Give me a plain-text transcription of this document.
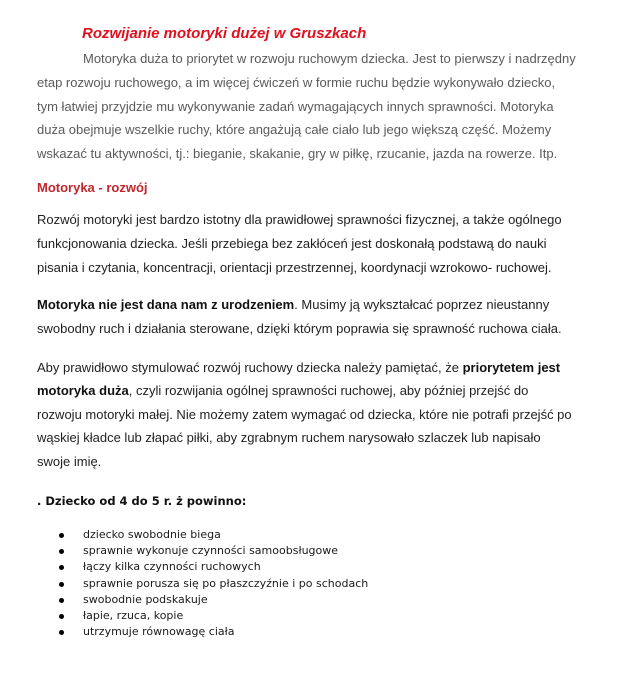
Rozwijanie motoryki dużej w Gruszkach

Motoryka duża to priorytet w rozwoju ruchowym dziecka. Jest to pierwszy i nadrzędny
etap rozwoju ruchowego, a im więcej ćwiczeń w formie ruchu będzie wykonywało dziecko,
tym łatwiej przyjdzie mu wykonywanie zadań wymagających innych sprawności. Motoryka
duża obejmuje wszelkie ruchy, które angażują całe ciało lub jego większą część. Możemy
wskazać tu aktywności, tj.: bieganie, skakanie, gry w piłkę, rzucanie, jazda na rowerze. Itp.

Motoryka - rozwój

Rozwój motoryki jest bardzo istotny dla prawidłowej sprawności fizycznej, a także ogólnego
funkcjonowania dziecka. Jeśli przebiega bez zakłóceń jest doskonałą podstawą do nauki
pisania i czytania, koncentracji, orientacji przestrzennej, koordynacji wzrokowo- ruchowej.

Motoryka nie jest dana nam z urodzeniem. Musimy ją wykształcać poprzez nieustanny
swobodny ruch i działania sterowane, dzięki którym poprawia się sprawność ruchowa ciała.

Aby prawidłowo stymulować rozwój ruchowy dziecka należy pamiętać, że priorytetem jest
motoryka duża, czyli rozwijania ogólnej sprawności ruchowej, aby później przejść do
rozwoju motoryki małej. Nie możemy zatem wymagać od dziecka, które nie potrafi przejść po
wąskiej kładce lub złapać piłki, aby zgrabnym ruchem narysowało szlaczek lub napisało
swoje imię.

. Dziecko od 4 do 5 r. ż powinno:

dziecko swobodnie biega
sprawnie wykonuje czynności samoobsługowe
łączy kilka czynności ruchowych
sprawnie porusza się po płaszczyźnie i po schodach
swobodnie podskakuje
łapie, rzuca, kopie
utrzymuje równowagę ciała
